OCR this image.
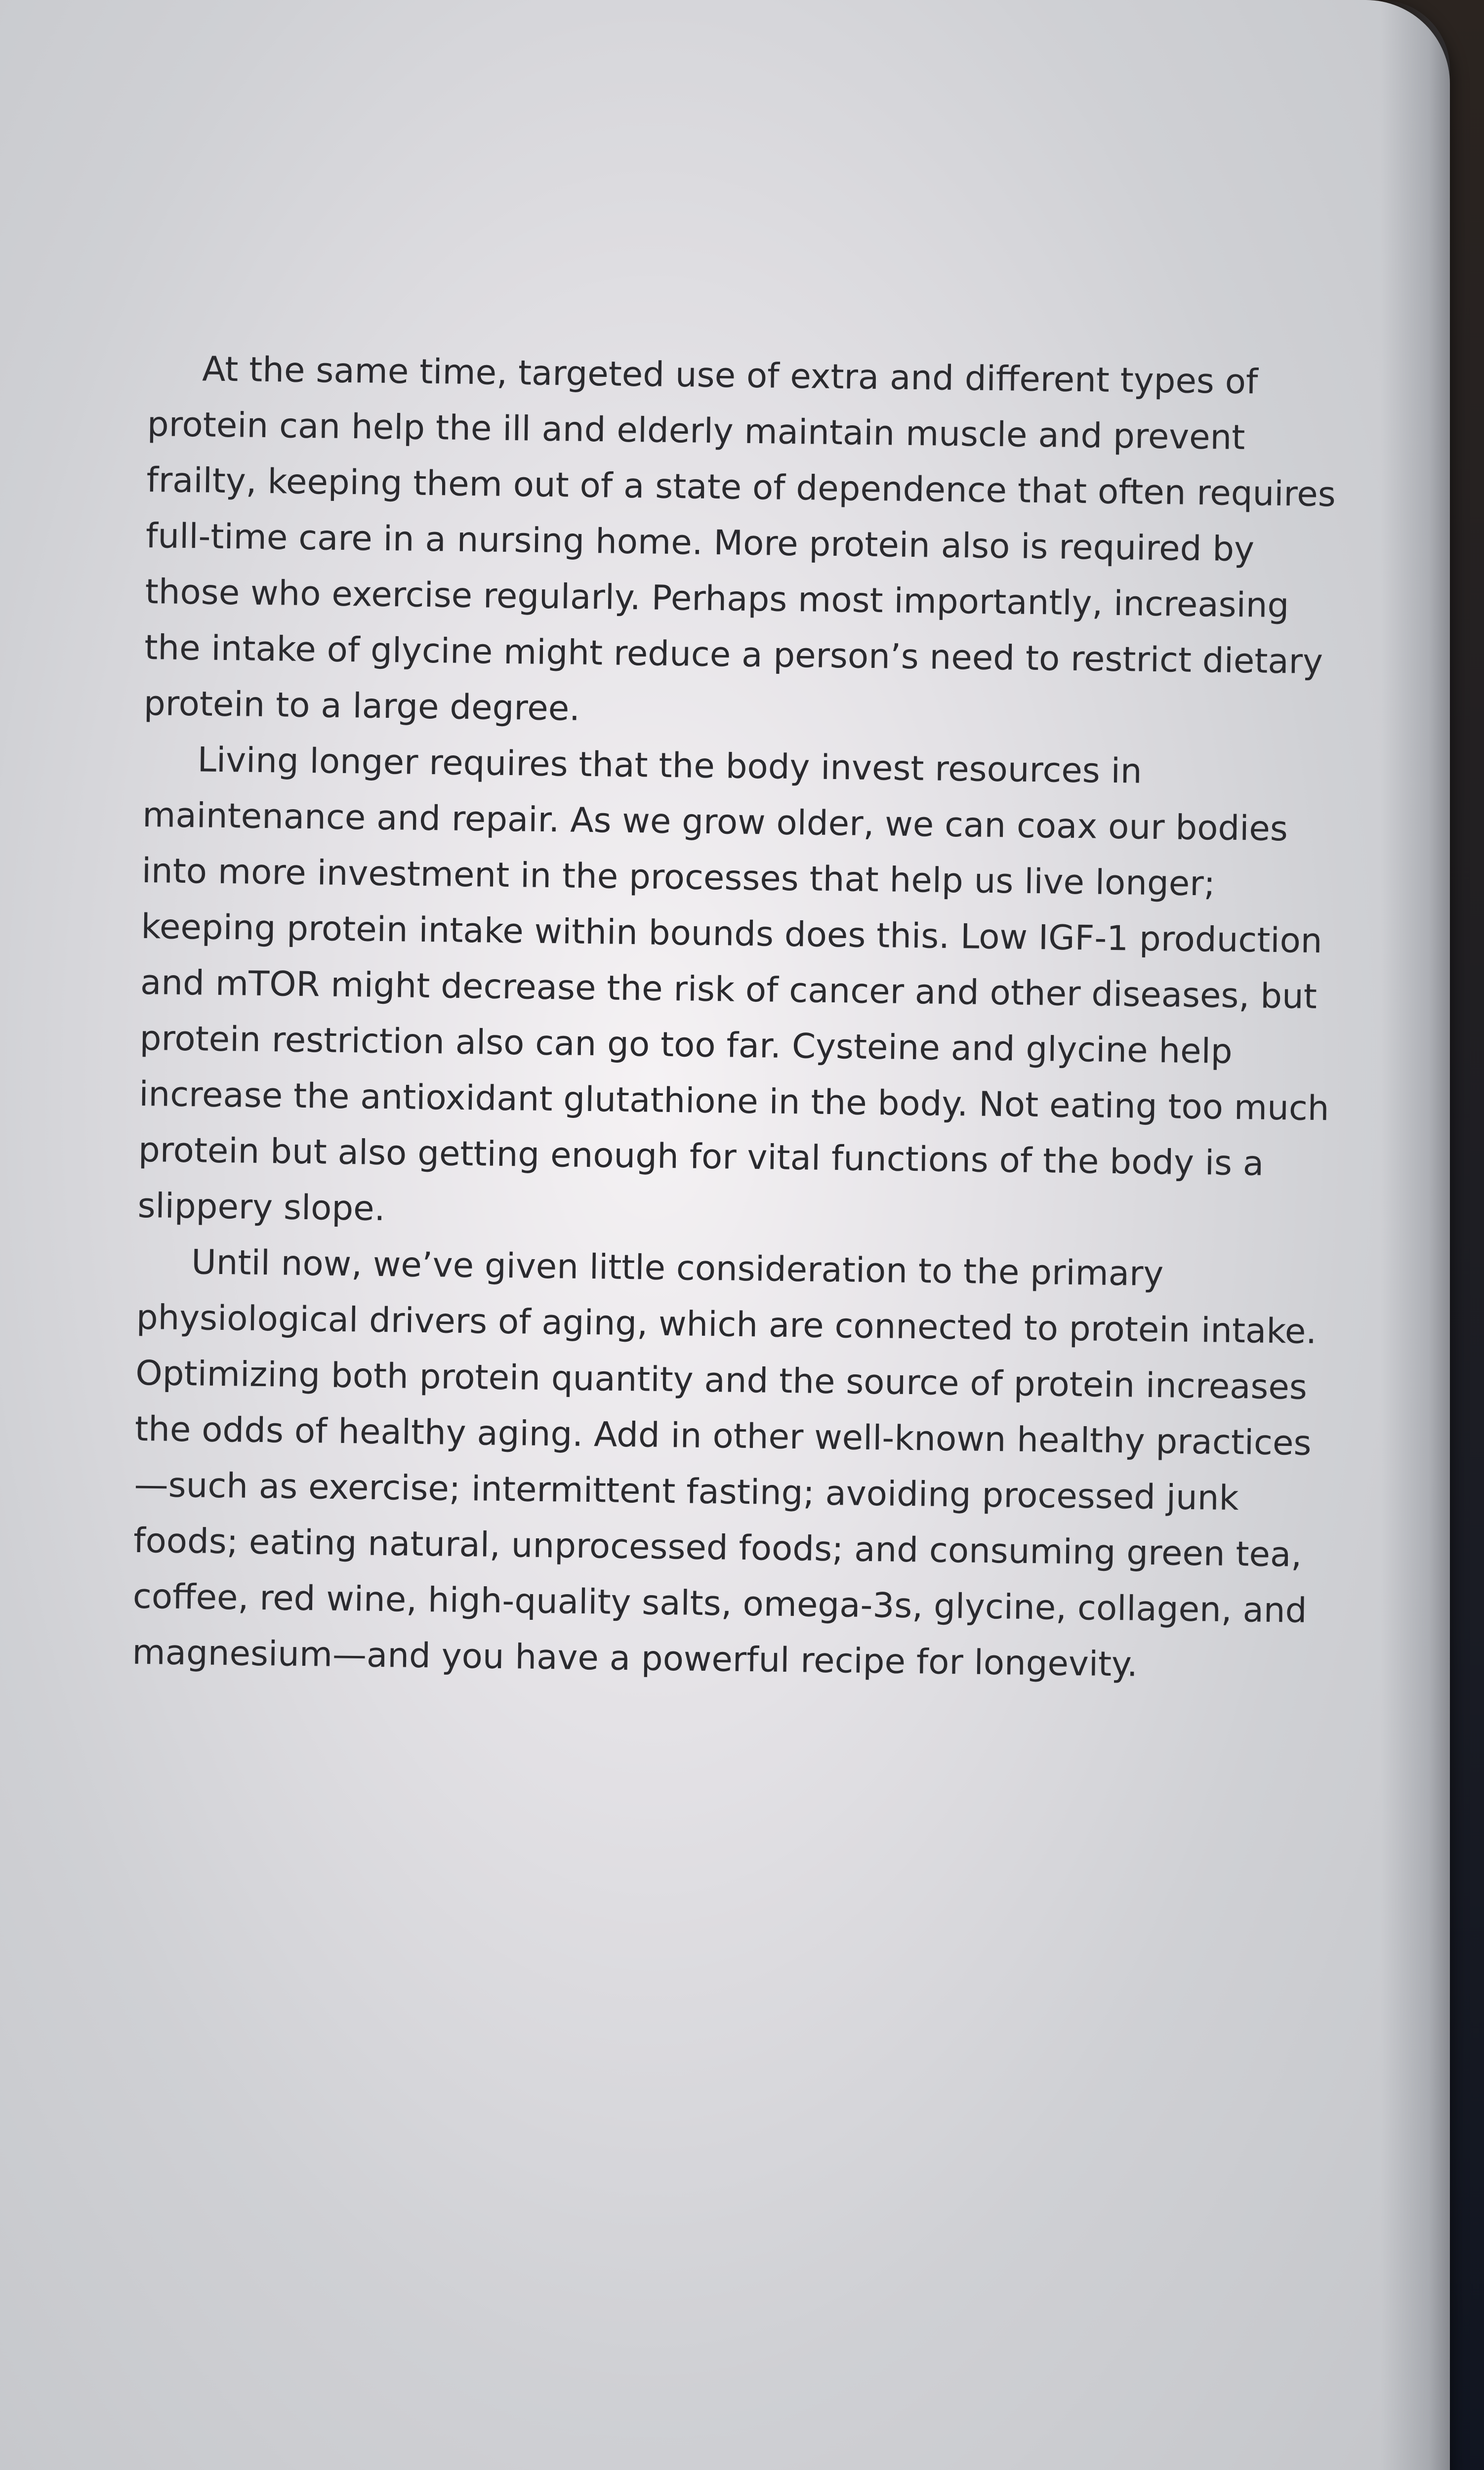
At the same time, targeted use of extra and different types of protein can help the ill and elderly maintain muscle and prevent frailty, keeping them out of a state of dependence that often requires full-time care in a nursing home. More protein also is required by those who exercise regularly. Perhaps most importantly, increasing the intake of glycine might reduce a person’s need to restrict dietary protein to a large degree.

Living longer requires that the body invest resources in maintenance and repair. As we grow older, we can coax our bodies into more investment in the processes that help us live longer; keeping protein intake within bounds does this. Low IGF-1 production and mTOR might decrease the risk of cancer and other diseases, but protein restriction also can go too far. Cysteine and glycine help increase the antioxidant glutathione in the body. Not eating too much protein but also getting enough for vital functions of the body is a slippery slope.

Until now, we’ve given little consideration to the primary physiological drivers of aging, which are connected to protein intake. Optimizing both protein quantity and the source of protein increases the odds of healthy aging. Add in other well-known healthy practices—such as exercise; intermittent fasting; avoiding processed junk foods; eating natural, unprocessed foods; and consuming green tea, coffee, red wine, high-quality salts, omega-3s, glycine, collagen, and magnesium—and you have a powerful recipe for longevity.
